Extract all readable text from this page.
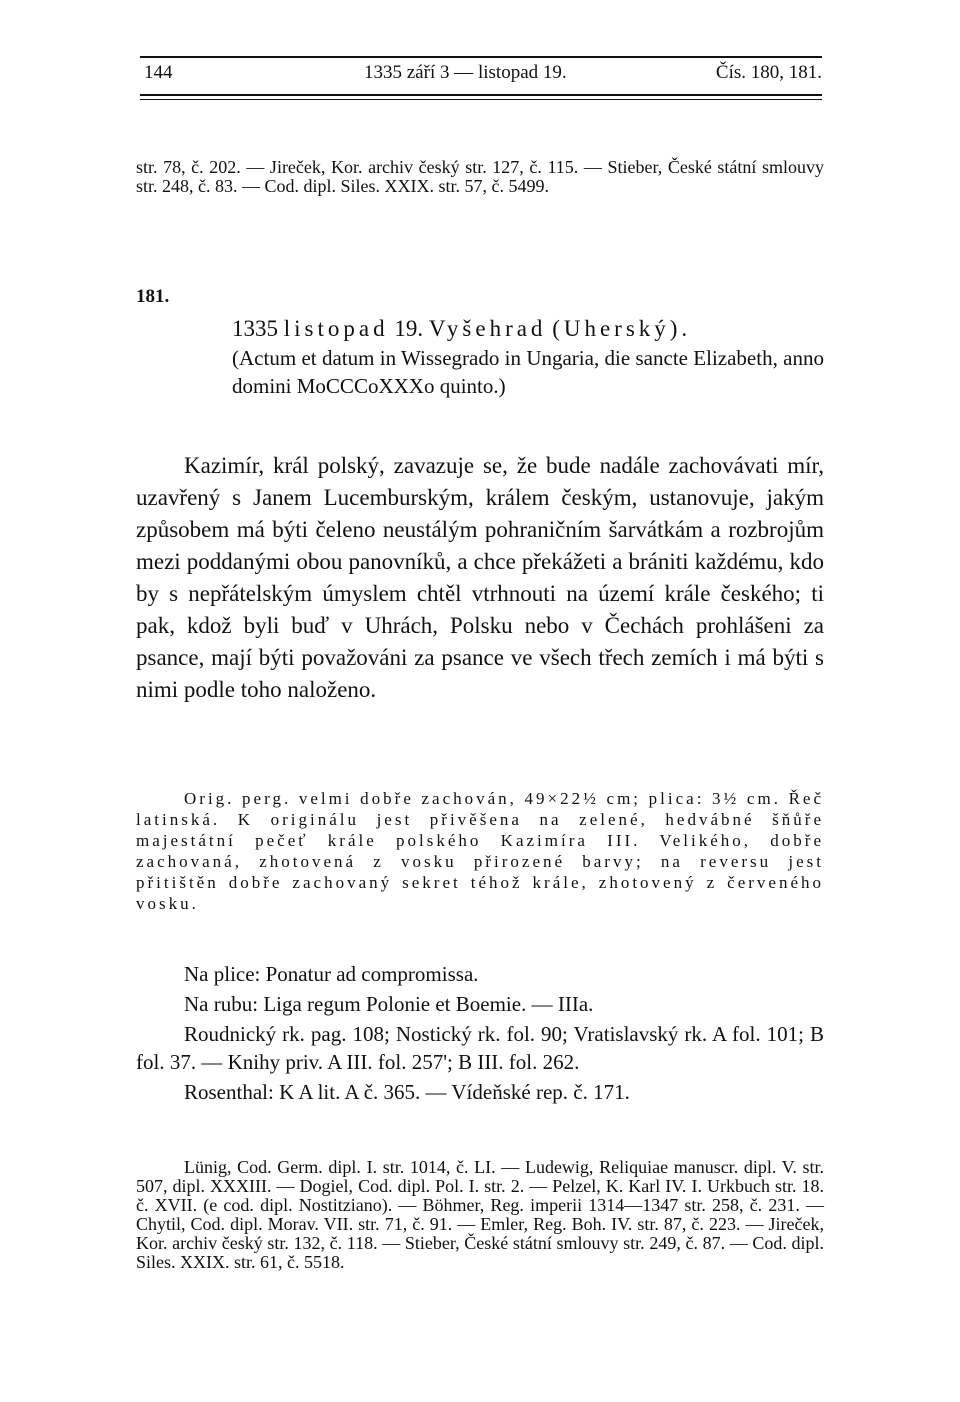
144	1335 září 3 — listopad 19.	Čís. 180, 181.

str. 78, č. 202. — Jireček, Kor. archiv český str. 127, č. 115. — Stieber, České státní smlouvy str. 248, č. 83. — Cod. dipl. Siles. XXIX. str. 57, č. 5499.

181.
1335 listopad 19. Vyšehrad (Uherský).

(Actum et datum in Wissegrado in Ungaria, die sancte Elizabeth, anno domini MoCCCoXXXo quinto.)

Kazimír, král polský, zavazuje se, že bude nadále zachovávati mír, uzavřený s Janem Lucemburským, králem českým, ustanovuje, jakým způsobem má býti čeleno neustálým pohraničním šarvátkám a rozbrojům mezi poddanými obou panovníků, a chce překážeti a brániti každému, kdo by s nepřátelským úmyslem chtěl vtrhnouti na území krále českého; ti pak, kdož byli buď v Uhrách, Polsku nebo v Čechách prohlášeni za psance, mají býti považováni za psance ve všech třech zemích i má býti s nimi podle toho naloženo.

Orig. perg. velmi dobře zachován, 49×22½ cm; plica: 3½ cm. Řeč latinská. K originálu jest přivěšena na zelené, hedvábné šňůře majestátní pečeť krále polského Kazimíra III. Velikého, dobře zachovaná, zhotovená z vosku přirozené barvy; na reversu jest přitištěn dobře zachovaný sekret téhož krále, zhotovený z červeného vosku.

Na plice: Ponatur ad compromissa.

Na rubu: Liga regum Polonie et Boemie. — IIIa.

Roudnický rk. pag. 108; Nostický rk. fol. 90; Vratislavský rk. A fol. 101; B fol. 37. — Knihy priv. A III. fol. 257'; B III. fol. 262.

Rosenthal: K A lit. A č. 365. — Vídeňské rep. č. 171.

Lünig, Cod. Germ. dipl. I. str. 1014, č. LI. — Ludewig, Reliquiae manuscr. dipl. V. str. 507, dipl. XXXIII. — Dogiel, Cod. dipl. Pol. I. str. 2. — Pelzel, K. Karl IV. I. Urkbuch str. 18. č. XVII. (e cod. dipl. Nostitziano). — Böhmer, Reg. imperii 1314—1347 str. 258, č. 231. — Chytil, Cod. dipl. Morav. VII. str. 71, č. 91. — Emler, Reg. Boh. IV. str. 87, č. 223. — Jireček, Kor. archiv český str. 132, č. 118. — Stieber, České státní smlouvy str. 249, č. 87. — Cod. dipl. Siles. XXIX. str. 61, č. 5518.
